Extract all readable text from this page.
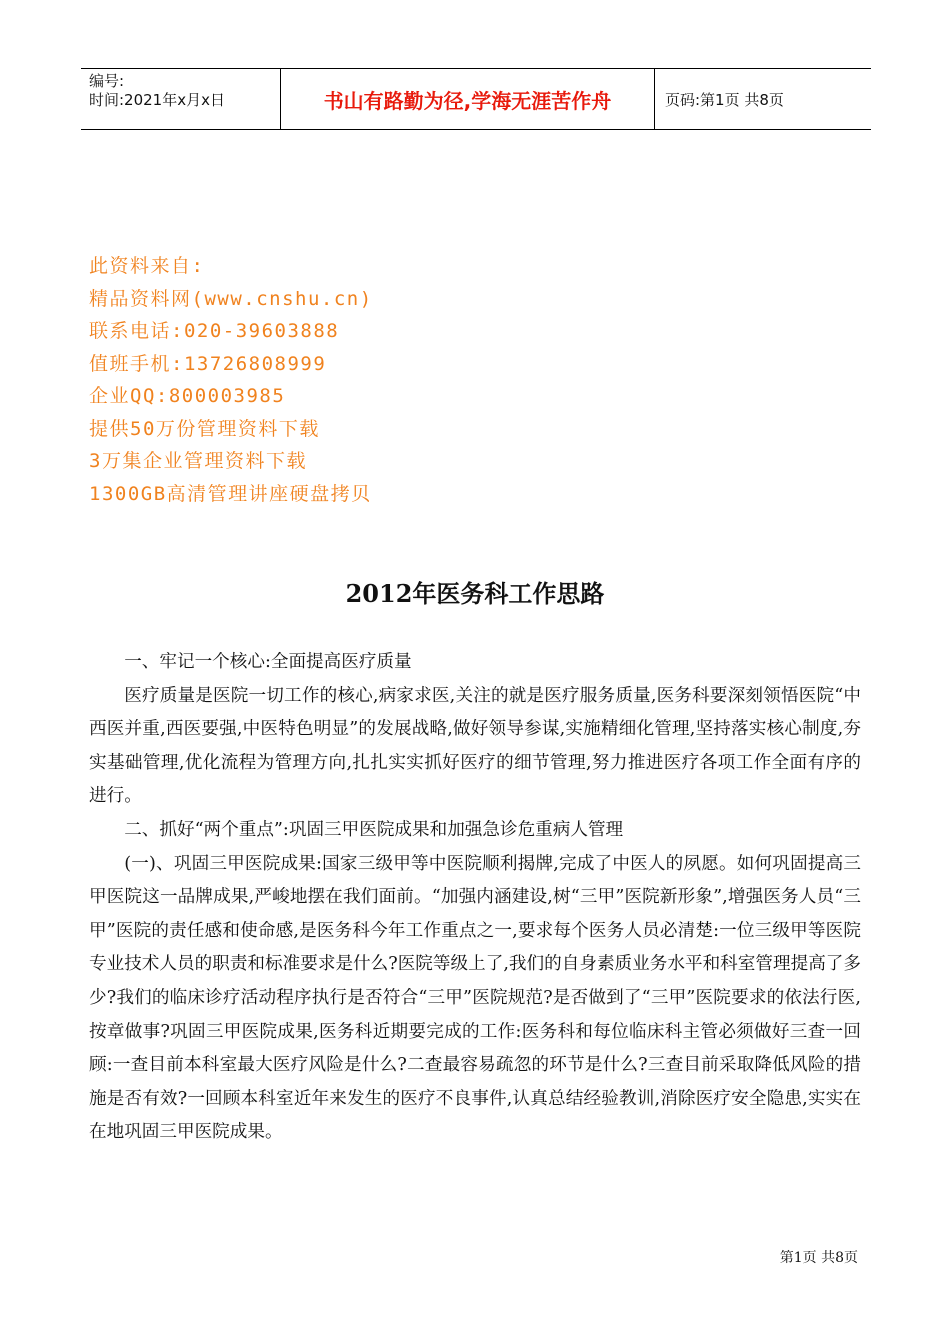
编号:
时间:2021年x月x日	书山有路勤为径,学海无涯苦作舟	页码:第1页 共8页
此资料来自:
精品资料网(www.cnshu.cn)
联系电话:020-39603888
值班手机:13726808999
企业QQ:800003985
提供50万份管理资料下载
3万集企业管理资料下载
1300GB高清管理讲座硬盘拷贝
2012年医务科工作思路

一、牢记一个核心:全面提高医疗质量

医疗质量是医院一切工作的核心,病家求医,关注的就是医疗服务质量,医务科要深刻领悟医院“中西医并重,西医要强,中医特色明显”的发展战略,做好领导参谋,实施精细化管理,坚持落实核心制度,夯实基础管理,优化流程为管理方向,扎扎实实抓好医疗的细节管理,努力推进医疗各项工作全面有序的进行。

二、抓好“两个重点”:巩固三甲医院成果和加强急诊危重病人管理

(一)、巩固三甲医院成果:国家三级甲等中医院顺利揭牌,完成了中医人的夙愿。如何巩固提高三甲医院这一品牌成果,严峻地摆在我们面前。“加强内涵建设,树“三甲”医院新形象”,增强医务人员“三甲”医院的责任感和使命感,是医务科今年工作重点之一,要求每个医务人员必清楚:一位三级甲等医院专业技术人员的职责和标准要求是什么?医院等级上了,我们的自身素质业务水平和科室管理提高了多少?我们的临床诊疗活动程序执行是否符合“三甲”医院规范?是否做到了“三甲”医院要求的依法行医,按章做事?巩固三甲医院成果,医务科近期要完成的工作:医务科和每位临床科主管必须做好三查一回顾:一查目前本科室最大医疗风险是什么?二查最容易疏忽的环节是什么?三查目前采取降低风险的措施是否有效?一回顾本科室近年来发生的医疗不良事件,认真总结经验教训,消除医疗安全隐患,实实在在地巩固三甲医院成果。

第1页 共8页
